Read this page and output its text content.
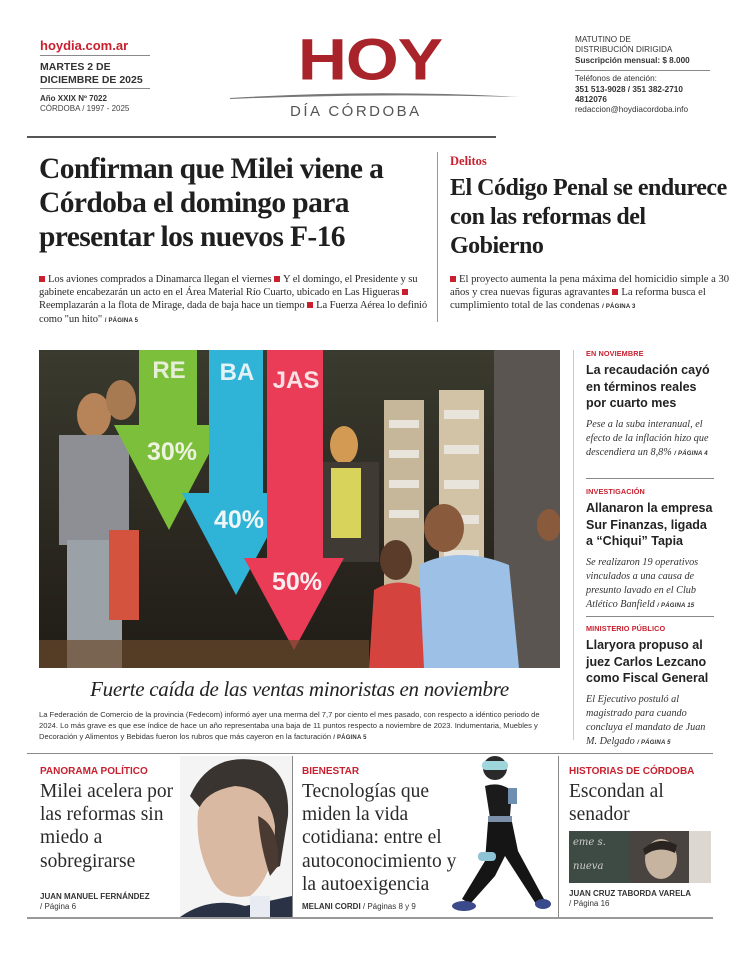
hoydia.com.ar
MARTES 2 DE DICIEMBRE DE 2025
Año XXIX Nº 7022
CÓRDOBA / 1997 - 2025
HOY
DÍA CÓRDOBA
MATUTINO DE
DISTRIBUCIÓN DIRIGIDA
Suscripción mensual: $ 8.000
Teléfonos de atención:
351 513-9028 / 351 382-2710
4812076
redaccion@hoydiacordoba.info
Confirman que Milei viene a Córdoba el domingo para presentar los nuevos F-16
Los aviones comprados a Dinamarca llegan el viernes Y el domingo, el Presidente y su gabinete encabezarán un acto en el Área Material Río Cuarto, ubicado en Las Higueras Reemplazarán a la flota de Mirage, dada de baja hace un tiempo La Fuerza Aérea lo definió como "un hito" / PÁGINA 5
Delitos
El Código Penal se endurece con las reformas del Gobierno
El proyecto aumenta la pena máxima del homicidio simple a 30 años y crea nuevas figuras agravantes La reforma busca el cumplimiento total de las condenas / PÁGINA 3
RE
30%
BA
40%
JAS
50%
Fuerte caída de las ventas minoristas en noviembre
La Federación de Comercio de la provincia (Fedecom) informó ayer una merma del 7,7 por ciento el mes pasado, con respecto a idéntico periodo de 2024. Lo más grave es que ese índice de hace un año representaba una baja de 11 puntos respecto a noviembre de 2023. Indumentaria, Muebles y Decoración y Alimentos y Bebidas fueron los rubros que más cayeron en la facturación / PÁGINA 5
EN NOVIEMBRE
La recaudación cayó en términos reales por cuarto mes
Pese a la suba interanual, el efecto de la inflación hizo que descendiera un 8,8% / PÁGINA 4
INVESTIGACIÓN
Allanaron la empresa Sur Finanzas, ligada a “Chiqui” Tapia
Se realizaron 19 operativos vinculados a una causa de presunto lavado en el Club Atlético Banfield / PÁGINA 15
MINISTERIO PÚBLICO
Llaryora propuso al juez Carlos Lezcano como Fiscal General
El Ejecutivo postuló al magistrado para cuando concluya el mandato de Juan M. Delgado / PÁGINA 5
PANORAMA POLÍTICO
Milei acelera por las reformas sin miedo a sobregirarse
JUAN MANUEL FERNÁNDEZ
/ Página 6
BIENESTAR
Tecnologías que miden la vida cotidiana: entre el autoconocimiento y la autoexigencia
MELANI CORDI / Páginas 8 y 9
HISTORIAS DE CÓRDOBA
Escondan al senador
eme s.
nueva
JUAN CRUZ TABORDA VARELA
/ Página 16
